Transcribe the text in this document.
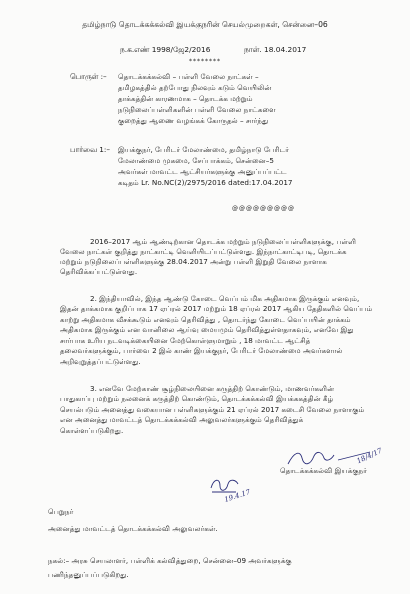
தமிழ்நாடு தொடக்கக்கல்வி இயக்குநரின் செயல்முறைகள், சென்னை–06
ந.க.எண் 1998/ஜே2/2016	நாள். 18.04.2017
********
பொருள் :– தொடக்கக்கல்வி – பள்ளி வேலை நாட்கள் –
தமிழகத்தில் தற்போது நிலவும் கடும் வெயிலின்
தாக்கத்தின் காரணமாக – தொடக்க மற்றும்
நடுநிலைப்பள்ளிகளின் பள்ளி வேலை நாட்களை
குறைத்து ஆணை வழங்கக் கோருதல் – சார்ந்து
பார்வை 1:– இயக்குநர், பேரிடர் மேலாண்மை, தமிழ்நாடு பேரிடர்
மேலாண்மை முகமை, சேப்பாக்கம், சென்னை–5
அவர்கள் மாவட்ட ஆட்சியர்களுக்கு அனுப்பப்பட்ட
கடிதம் Lr. No.NC(2)/2975/2016 dated:17.04.2017
@@@@@@@@@
2016–2017 ஆம் ஆண்டிற்கான தொடக்க மற்றும் நடுநிலைப்பள்ளிகளுக்கு, பள்ளி
வேலை நாட்கள் குறித்து நாட்காட்டி வெளியிடப்பட்டுள்ளது. இந்நாட்காட்டிபடி, தொடக்க
மற்றும் நடுநிலைப்பள்ளிகளுக்கு 28.04.2017 அன்று பள்ளி இறுதி வேலை நாளாக
தெரிவிக்கப்பட்டுள்ளது.
2. இந்தியாவில், இந்த ஆண்டு கோடை வெப்பம் மிக அதிகமாக இருக்கும் எனவும்,
இதன் தாக்கமாக குறிப்பாக 17 ஏப்ரல் 2017 மற்றும் 18 ஏப்ரல் 2017 ஆகிய தேதிகளில் வெப்பம்
காற்று அதிகமாக வீசக்கூடும் எனவும் தெரிவித்து , தொடர்ந்து கோடை வெப்பயின் தாக்கம்
அதிகமாக இருக்கும் என வானிலை ஆய்வு மையமும் தெரிவித்துள்ளதாகவும், எனவே இது
சார்பாக உரிய நடவடிக்கையினை மேற்கொள்ளுமாறும் , 18 மாவட்ட ஆட்சித்
தலைவர்களுக்கும், பார்வை 2 இல் காண் இயக்குநர், பேரிடர் மேலாண்மை அவர்களால்
அறிவுறுத்தப்பட்டுள்ளது.
3. எனவே மேற்காண் சூழ்நிலையினை கருத்திற் கொண்டும், மாணவர்களின்
பாதுகாப்பு மற்றும் நலனைக் கருத்திற் கொண்டும், தொடக்கக்கல்வி இயக்ககத்தின் கீழ்
செயல்படும் அனைத்து வகையான பள்ளிகளுக்கும் 21 ஏப்ரல் 2017 கடைசி வேலை நாளாகும்
என அனைத்து மாவட்டத் தொடக்கக்கல்வி அலுவலர்களுக்கும் தெரிவித்துக்
கொள்ளப்படுகிறது.
18/4/17
தொடக்கக்கல்வி இயக்குநர்
19.4.17
பெறுநர்
அனைத்து மாவட்டத் தொடக்கக்கல்வி அலுவலர்கள்.
நகல்:– அரசு செயலாளர், பள்ளிக் கல்வித்துறை, சென்னை–09 அவர்களுக்கு
பணிந்தனுப்பப்படுகிறது.
